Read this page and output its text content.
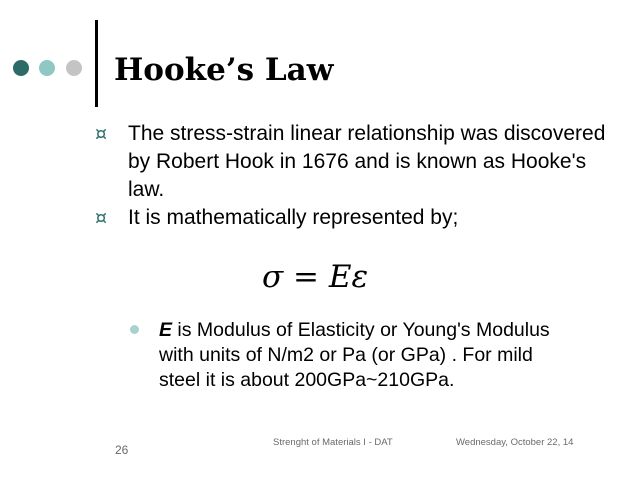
Hooke’s Law
¤ The stress-strain linear relationship was discovered by Robert Hook in 1676 and is known as Hooke's law.
¤ It is mathematically represented by;
σ = Eε
E is Modulus of Elasticity or Young's Modulus with units of N/m2 or Pa (or GPa) . For mild steel it is about 200GPa~210GPa.
26
Strenght of Materials I - DAT	Wednesday, October 22, 14
